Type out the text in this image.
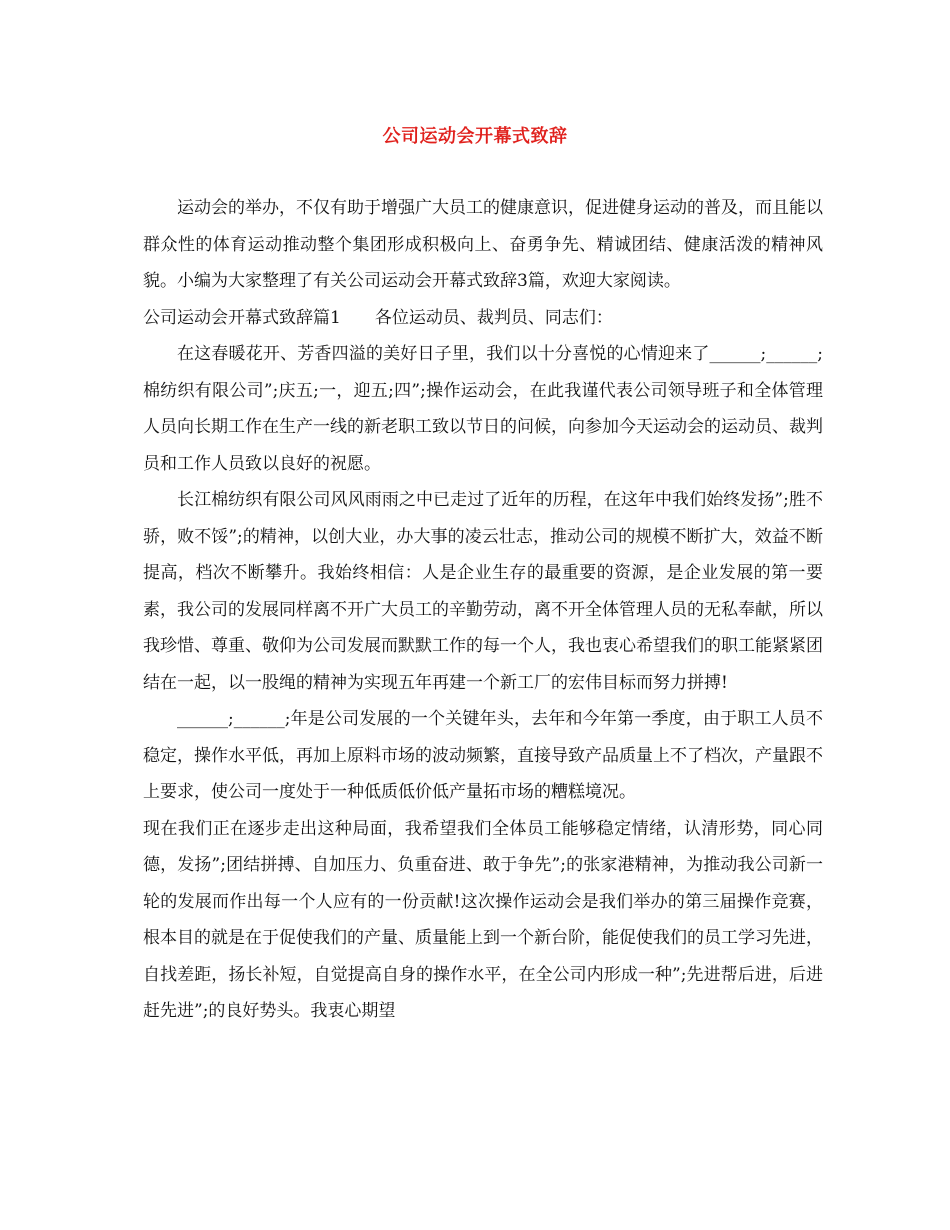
公司运动会开幕式致辞

运动会的举办，不仅有助于增强广大员工的健康意识，促进健身运动的普及，而且能以群众性的体育运动推动整个集团形成积极向上、奋勇争先、精诚团结、健康活泼的精神风貌。小编为大家整理了有关公司运动会开幕式致辞3篇，欢迎大家阅读。

公司运动会开幕式致辞篇1　　各位运动员、裁判员、同志们：

在这春暖花开、芳香四溢的美好日子里，我们以十分喜悦的心情迎来了______;______;棉纺织有限公司”;庆五;一，迎五;四”;操作运动会，在此我谨代表公司领导班子和全体管理人员向长期工作在生产一线的新老职工致以节日的问候，向参加今天运动会的运动员、裁判员和工作人员致以良好的祝愿。

长江棉纺织有限公司风风雨雨之中已走过了近年的历程，在这年中我们始终发扬”;胜不骄，败不馁”;的精神，以创大业，办大事的凌云壮志，推动公司的规模不断扩大，效益不断提高，档次不断攀升。我始终相信：人是企业生存的最重要的资源，是企业发展的第一要素，我公司的发展同样离不开广大员工的辛勤劳动，离不开全体管理人员的无私奉献，所以我珍惜、尊重、敬仰为公司发展而默默工作的每一个人，我也衷心希望我们的职工能紧紧团结在一起，以一股绳的精神为实现五年再建一个新工厂的宏伟目标而努力拼搏!

______;______;年是公司发展的一个关键年头，去年和今年第一季度，由于职工人员不稳定，操作水平低，再加上原料市场的波动频繁，直接导致产品质量上不了档次，产量跟不上要求，使公司一度处于一种低质低价低产量拓市场的糟糕境况。

现在我们正在逐步走出这种局面，我希望我们全体员工能够稳定情绪，认清形势，同心同德，发扬”;团结拼搏、自加压力、负重奋进、敢于争先”;的张家港精神，为推动我公司新一轮的发展而作出每一个人应有的一份贡献!这次操作运动会是我们举办的第三届操作竞赛，根本目的就是在于促使我们的产量、质量能上到一个新台阶，能促使我们的员工学习先进，自找差距，扬长补短，自觉提高自身的操作水平，在全公司内形成一种”;先进帮后进，后进赶先进”;的良好势头。我衷心期望
